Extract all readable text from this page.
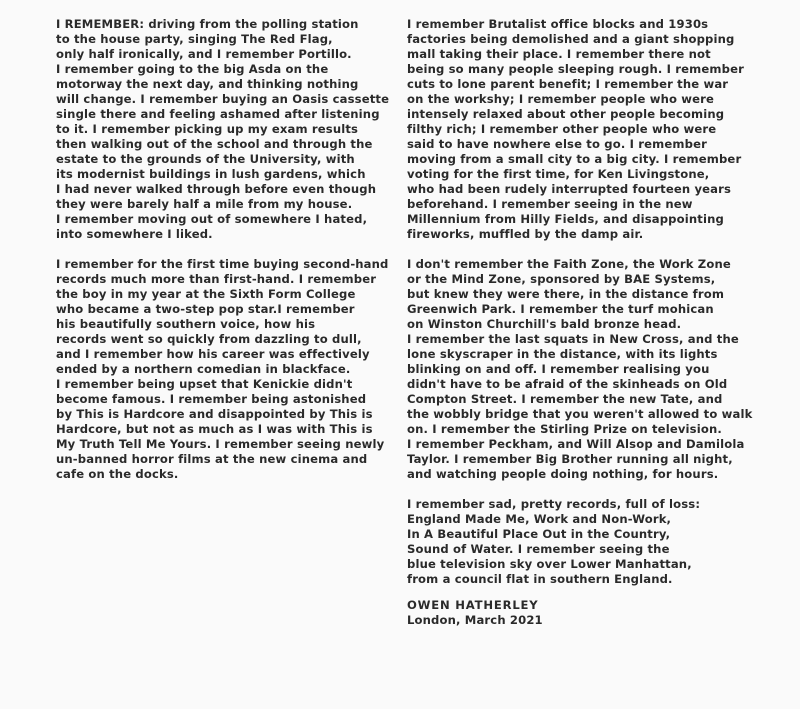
I REMEMBER: driving from the polling station
to the house party, singing The Red Flag,
only half ironically, and I remember Portillo.
I remember going to the big Asda on the
motorway the next day, and thinking nothing
will change. I remember buying an Oasis cassette
single there and feeling ashamed after listening
to it. I remember picking up my exam results
then walking out of the school and through the
estate to the grounds of the University, with
its modernist buildings in lush gardens, which
I had never walked through before even though
they were barely half a mile from my house.
I remember moving out of somewhere I hated,
into somewhere I liked.
I remember for the first time buying second-hand
records much more than first-hand. I remember
the boy in my year at the Sixth Form College
who became a two-step pop star.I remember
his beautifully southern voice, how his
records went so quickly from dazzling to dull,
and I remember how his career was effectively
ended by a northern comedian in blackface.
I remember being upset that Kenickie didn't
become famous. I remember being astonished
by This is Hardcore and disappointed by This is
Hardcore, but not as much as I was with This is
My Truth Tell Me Yours. I remember seeing newly
un-banned horror films at the new cinema and
cafe on the docks.
I remember Brutalist office blocks and 1930s
factories being demolished and a giant shopping
mall taking their place. I remember there not
being so many people sleeping rough. I remember
cuts to lone parent benefit; I remember the war
on the workshy; I remember people who were
intensely relaxed about other people becoming
filthy rich; I remember other people who were
said to have nowhere else to go. I remember
moving from a small city to a big city. I remember
voting for the first time, for Ken Livingstone,
who had been rudely interrupted fourteen years
beforehand. I remember seeing in the new
Millennium from Hilly Fields, and disappointing
fireworks, muffled by the damp air.
I don't remember the Faith Zone, the Work Zone
or the Mind Zone, sponsored by BAE Systems,
but knew they were there, in the distance from
Greenwich Park. I remember the turf mohican
on Winston Churchill's bald bronze head.
I remember the last squats in New Cross, and the
lone skyscraper in the distance, with its lights
blinking on and off. I remember realising you
didn't have to be afraid of the skinheads on Old
Compton Street. I remember the new Tate, and
the wobbly bridge that you weren't allowed to walk
on. I remember the Stirling Prize on television.
I remember Peckham, and Will Alsop and Damilola
Taylor. I remember Big Brother running all night,
and watching people doing nothing, for hours.
I remember sad, pretty records, full of loss:
England Made Me, Work and Non-Work,
In A Beautiful Place Out in the Country,
Sound of Water. I remember seeing the
blue television sky over Lower Manhattan,
from a council flat in southern England.
OWEN HATHERLEY
London, March 2021
